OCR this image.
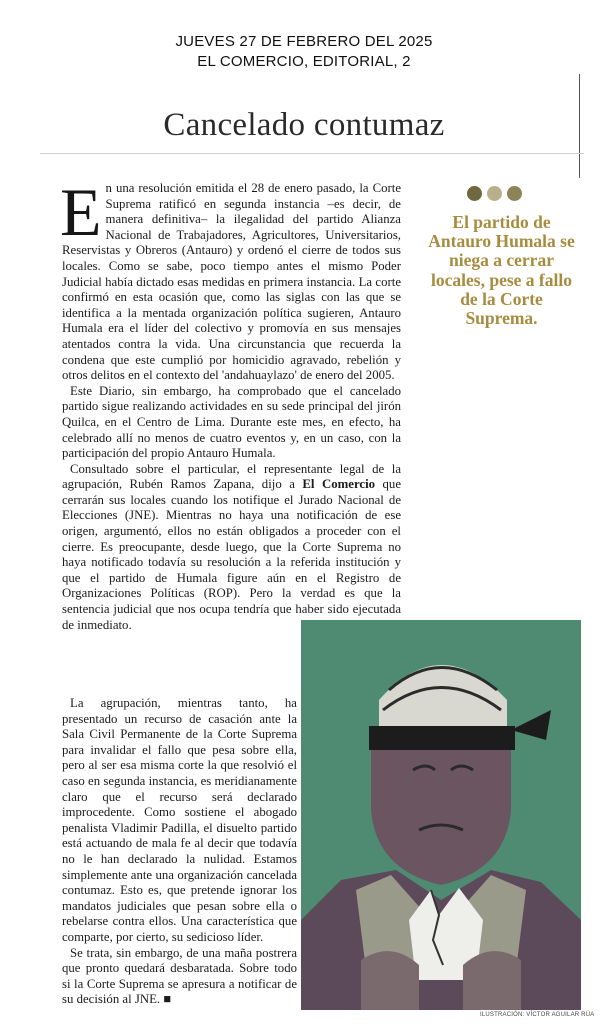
JUEVES 27 DE FEBRERO DEL 2025
EL COMERCIO, EDITORIAL, 2
Cancelado contumaz
El partido de Antauro Humala se niega a cerrar locales, pese a fallo de la Corte Suprema.

En una resolución emitida el 28 de enero pasado, la Corte Suprema ratificó en segunda instancia –es decir, de manera definitiva– la ilegalidad del partido Alianza Nacional de Trabajadores, Agricultores, Universitarios, Reservistas y Obreros (Antauro) y ordenó el cierre de todos sus locales. Como se sabe, poco tiempo antes el mismo Poder Judicial había dictado esas medidas en primera instancia. La corte confirmó en esta ocasión que, como las siglas con las que se identifica a la mentada organización política sugieren, Antauro Humala era el líder del colectivo y promovía en sus mensajes atentados contra la vida. Una circunstancia que recuerda la condena que este cumplió por homicidio agravado, rebelión y otros delitos en el contexto del 'andahuaylazo' de enero del 2005.

Este Diario, sin embargo, ha comprobado que el cancelado partido sigue realizando actividades en su sede principal del jirón Quilca, en el Centro de Lima. Durante este mes, en efecto, ha celebrado allí no menos de cuatro eventos y, en un caso, con la participación del propio Antauro Humala.

Consultado sobre el particular, el representante legal de la agrupación, Rubén Ramos Zapana, dijo a El Comercio que cerrarán sus locales cuando los notifique el Jurado Nacional de Elecciones (JNE). Mientras no haya una notificación de ese origen, argumentó, ellos no están obligados a proceder con el cierre. Es preocupante, desde luego, que la Corte Suprema no haya notificado todavía su resolución a la referida institución y que el partido de Humala figure aún en el Registro de Organizaciones Políticas (ROP). Pero la verdad es que la sentencia judicial que nos ocupa tendría que haber sido ejecutada de inmediato.

La agrupación, mientras tanto, ha presentado un recurso de casación ante la Sala Civil Permanente de la Corte Suprema para invalidar el fallo que pesa sobre ella, pero al ser esa misma corte la que resolvió el caso en segunda instancia, es meridianamente claro que el recurso será declarado improcedente. Como sostiene el abogado penalista Vladimir Padilla, el disuelto partido está actuando de mala fe al decir que todavía no le han declarado la nulidad. Estamos simplemente ante una organización cancelada contumaz. Esto es, que pretende ignorar los mandatos judiciales que pesan sobre ella o rebelarse contra ellos. Una característica que comparte, por cierto, su sedicioso líder.

Se trata, sin embargo, de una maña postrera que pronto quedará desbaratada. Sobre todo si la Corte Suprema se apresura a notificar de su decisión al JNE. ■

ILUSTRACIÓN: VÍCTOR AGUILAR RÚA
